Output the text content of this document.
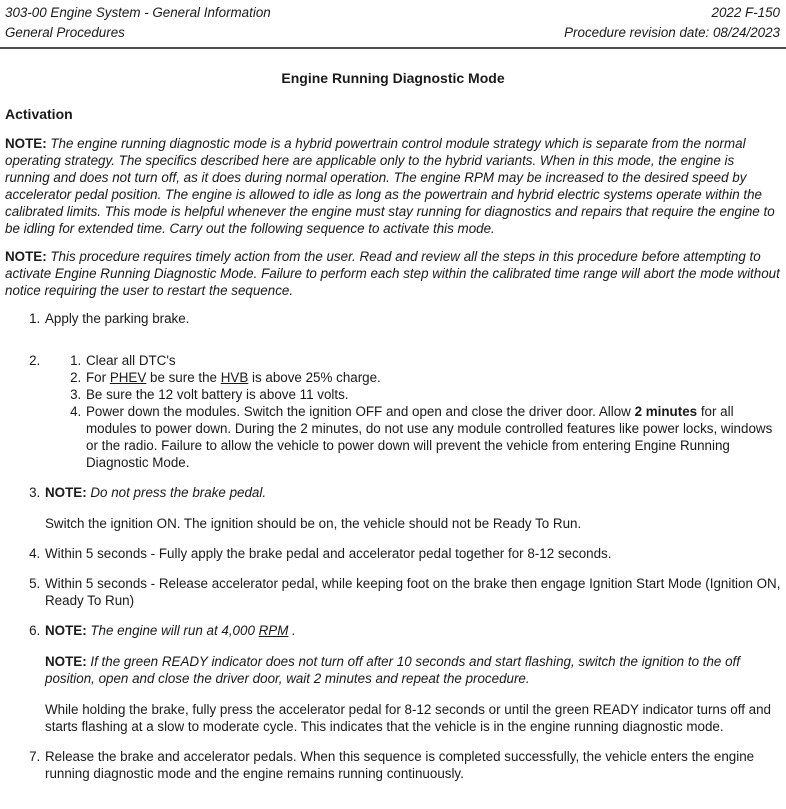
303-00 Engine System - General Information
General Procedures
2022 F-150
Procedure revision date: 08/24/2023
Engine Running Diagnostic Mode
Activation

NOTE: The engine running diagnostic mode is a hybrid powertrain control module strategy which is separate from the normal operating strategy. The specifics described here are applicable only to the hybrid variants. When in this mode, the engine is running and does not turn off, as it does during normal operation. The engine RPM may be increased to the desired speed by accelerator pedal position. The engine is allowed to idle as long as the powertrain and hybrid electric systems operate within the calibrated limits. This mode is helpful whenever the engine must stay running for diagnostics and repairs that require the engine to be idling for extended time. Carry out the following sequence to activate this mode.

NOTE: This procedure requires timely action from the user. Read and review all the steps in this procedure before attempting to activate Engine Running Diagnostic Mode. Failure to perform each step within the calibrated time range will abort the mode without notice requiring the user to restart the sequence.

1. Apply the parking brake.

1. 2. Clear all DTC's
2. For PHEV be sure the HVB is above 25% charge.
3. Be sure the 12 volt battery is above 11 volts.
4. Power down the modules. Switch the ignition OFF and open and close the driver door. Allow 2 minutes for all modules to power down. During the 2 minutes, do not use any module controlled features like power locks, windows or the radio. Failure to allow the vehicle to power down will prevent the vehicle from entering Engine Running Diagnostic Mode.

3. NOTE: Do not press the brake pedal.

Switch the ignition ON. The ignition should be on, the vehicle should not be Ready To Run.

4. Within 5 seconds - Fully apply the brake pedal and accelerator pedal together for 8-12 seconds.

5. Within 5 seconds - Release accelerator pedal, while keeping foot on the brake then engage Ignition Start Mode (Ignition ON, Ready To Run)

6. NOTE: The engine will run at 4,000 RPM .

NOTE: If the green READY indicator does not turn off after 10 seconds and start flashing, switch the ignition to the off position, open and close the driver door, wait 2 minutes and repeat the procedure.

While holding the brake, fully press the accelerator pedal for 8-12 seconds or until the green READY indicator turns off and starts flashing at a slow to moderate cycle. This indicates that the vehicle is in the engine running diagnostic mode.

7. Release the brake and accelerator pedals. When this sequence is completed successfully, the vehicle enters the engine running diagnostic mode and the engine remains running continuously.
